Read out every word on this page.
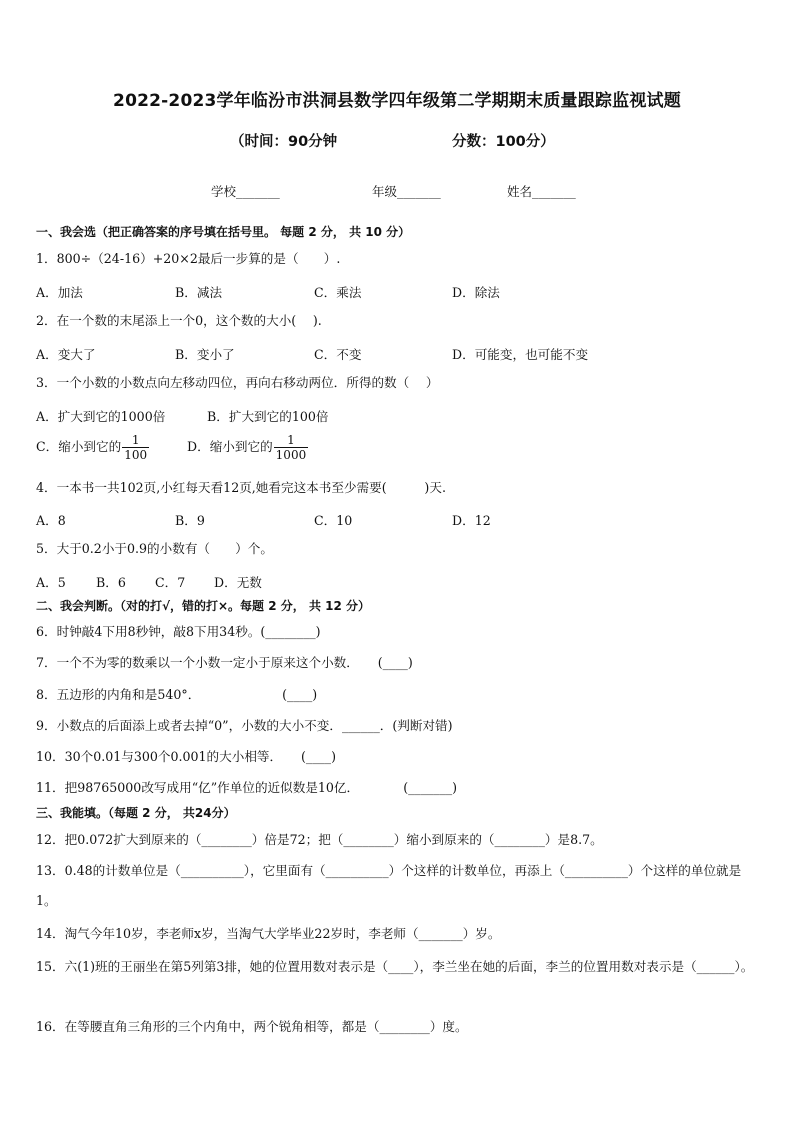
2022-2023学年临汾市洪洞县数学四年级第二学期期末质量跟踪监视试题
（时间：90分钟	分数：100分）
学校_______	年级_______	姓名_______
一、我会选（把正确答案的序号填在括号里。 每题 2 分， 共 10 分）
1．800÷（24-16）+20×2最后一步算的是（　　）.
A．加法	B．减法	C．乘法	D．除法
2．在一个数的末尾添上一个0，这个数的大小(　 ).
A．变大了	B．变小了	C．不变	D．可能变，也可能不变
3．一个小数的小数点向左移动四位，再向右移动两位．所得的数（　 ）
A．扩大到它的1000倍	B．扩大到它的100倍
C．缩小到它的 $\frac{1}{100}$	D．缩小到它的 $\frac{1}{1000}$
4．一本书一共102页,小红每天看12页,她看完这本书至少需要(　　　)天.
A．8	B．9	C．10	D．12
5．大于0.2小于0.9的小数有（　　）个。
A．5 B．6 C．7 D．无数
二、我会判断。（对的打√，错的打×。每题 2 分， 共 12 分）
6．时钟敲4下用8秒钟，敲8下用34秒。(________)
7．一个不为零的数乘以一个小数一定小于原来这个小数．　　(____)
8．五边形的内角和是540°．　　　　　　　(____)
9．小数点的后面添上或者去掉“0”，小数的大小不变．______．(判断对错)
10．30个0.01与300个0.001的大小相等．　　(____)
11．把98765000改写成用“亿”作单位的近似数是10亿．　　　　(_______)
三、我能填。（每题 2 分， 共24分）
12．把0.072扩大到原来的（________）倍是72；把（________）缩小到原来的（________）是8.7。
13．0.48的计数单位是（__________），它里面有（__________）个这样的计数单位，再添上（__________）个这样的单位就是1。
14．淘气今年10岁，李老师x岁，当淘气大学毕业22岁时，李老师（_______）岁。
15．六(1)班的王丽坐在第5列第3排，她的位置用数对表示是（____），李兰坐在她的后面，李兰的位置用数对表示是（______）。
16．在等腰直角三角形的三个内角中，两个锐角相等，都是（________）度。
